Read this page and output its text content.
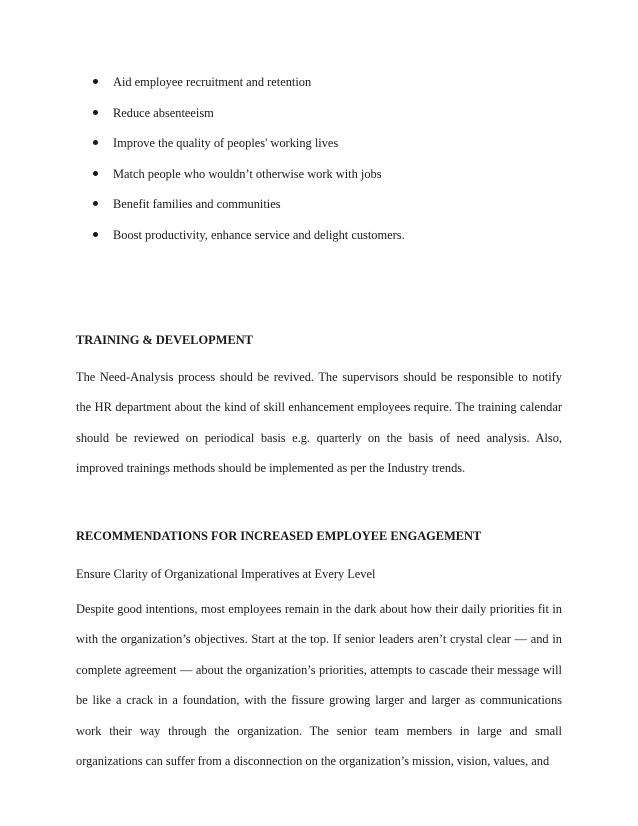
Aid employee recruitment and retention
Reduce absenteeism
Improve the quality of peoples' working lives
Match people who wouldn’t otherwise work with jobs
Benefit families and communities
Boost productivity, enhance service and delight customers.
TRAINING & DEVELOPMENT

The Need-Analysis process should be revived. The supervisors should be responsible to notify the HR department about the kind of skill enhancement employees require. The training calendar should be reviewed on periodical basis e.g. quarterly on the basis of need analysis. Also, improved trainings methods should be implemented as per the Industry trends.

RECOMMENDATIONS FOR INCREASED EMPLOYEE ENGAGEMENT
Ensure Clarity of Organizational Imperatives at Every Level

Despite good intentions, most employees remain in the dark about how their daily priorities fit in with the organization’s objectives. Start at the top. If senior leaders aren’t crystal clear — and in complete agreement — about the organization’s priorities, attempts to cascade their message will be like a crack in a foundation, with the fissure growing larger and larger as communications work their way through the organization. The senior team members in large and small organizations can suffer from a disconnection on the organization’s mission, vision, values, and
